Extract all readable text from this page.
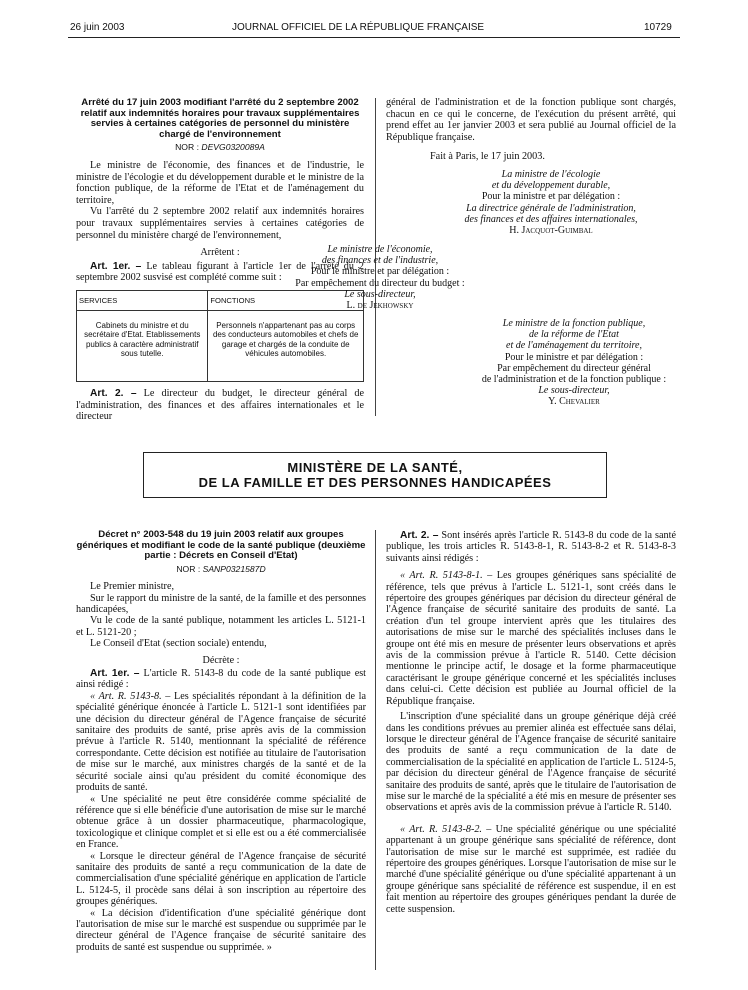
26 juin 2003	JOURNAL OFFICIEL DE LA RÉPUBLIQUE FRANÇAISE	10729
Arrêté du 17 juin 2003 modifiant l'arrêté du 2 septembre 2002 relatif aux indemnités horaires pour travaux supplémentaires servies à certaines catégories de personnel du ministère chargé de l'environnement
NOR : DEVG0320089A

Le ministre de l'économie, des finances et de l'industrie, le ministre de l'écologie et du développement durable et le ministre de la fonction publique, de la réforme de l'Etat et de l'aménagement du territoire,

Vu l'arrêté du 2 septembre 2002 relatif aux indemnités horaires pour travaux supplémentaires servies à certaines catégories de personnel du ministère chargé de l'environnement,

Arrêtent :

Art. 1er. – Le tableau figurant à l'article 1er de l'arrêté du 2 septembre 2002 susvisé est complété comme suit :

SERVICES	FONCTIONS
Cabinets du ministre et du secrétaire d'Etat. Etablissements publics à caractère administratif sous tutelle.	Personnels n'appartenant pas au corps des conducteurs automobiles et chefs de garage et chargés de la conduite de véhicules automobiles.

Art. 2. – Le directeur du budget, le directeur général de l'administration, des finances et des affaires internationales et le directeur

général de l'administration et de la fonction publique sont chargés, chacun en ce qui le concerne, de l'exécution du présent arrêté, qui prend effet au 1er janvier 2003 et sera publié au Journal officiel de la République française.

Fait à Paris, le 17 juin 2003.

La ministre de l'écologie
et du développement durable,
Pour la ministre et par délégation :
La directrice générale de l'administration,
des finances et des affaires internationales,
H. Jacquot-Guimbal
Le ministre de l'économie,
des finances et de l'industrie,
Pour le ministre et par délégation :
Par empêchement du directeur du budget :
Le sous-directeur,
L. de Jekhowsky
Le ministre de la fonction publique,
de la réforme de l'Etat
et de l'aménagement du territoire,
Pour le ministre et par délégation :
Par empêchement du directeur général
de l'administration et de la fonction publique :
Le sous-directeur,
Y. Chevalier
MINISTÈRE DE LA SANTÉ,
DE LA FAMILLE ET DES PERSONNES HANDICAPÉES
Décret n° 2003-548 du 19 juin 2003 relatif aux groupes génériques et modifiant le code de la santé publique (deuxième partie : Décrets en Conseil d'Etat)
NOR : SANP0321587D

Le Premier ministre,

Sur le rapport du ministre de la santé, de la famille et des personnes handicapées,

Vu le code de la santé publique, notamment les articles L. 5121-1 et L. 5121-20 ;

Le Conseil d'Etat (section sociale) entendu,

Décrète :

Art. 1er. – L'article R. 5143-8 du code de la santé publique est ainsi rédigé :

« Art. R. 5143-8. – Les spécialités répondant à la définition de la spécialité générique énoncée à l'article L. 5121-1 sont identifiées par une décision du directeur général de l'Agence française de sécurité sanitaire des produits de santé, prise après avis de la commission prévue à l'article R. 5140, mentionnant la spécialité de référence correspondante. Cette décision est notifiée au titulaire de l'autorisation de mise sur le marché, aux ministres chargés de la santé et de la sécurité sociale ainsi qu'au président du comité économique des produits de santé.

« Une spécialité ne peut être considérée comme spécialité de référence que si elle bénéficie d'une autorisation de mise sur le marché obtenue grâce à un dossier pharmaceutique, pharmacologique, toxicologique et clinique complet et si elle est ou a été commercialisée en France.

« Lorsque le directeur général de l'Agence française de sécurité sanitaire des produits de santé a reçu communication de la date de commercialisation d'une spécialité générique en application de l'article L. 5124-5, il procède sans délai à son inscription au répertoire des groupes génériques.

« La décision d'identification d'une spécialité générique dont l'autorisation de mise sur le marché est suspendue ou supprimée par le directeur général de l'Agence française de sécurité sanitaire des produits de santé est suspendue ou supprimée. »

Art. 2. – Sont insérés après l'article R. 5143-8 du code de la santé publique, les trois articles R. 5143-8-1, R. 5143-8-2 et R. 5143-8-3 suivants ainsi rédigés :

« Art. R. 5143-8-1. – Les groupes génériques sans spécialité de référence, tels que prévus à l'article L. 5121-1, sont créés dans le répertoire des groupes génériques par décision du directeur général de l'Agence française de sécurité sanitaire des produits de santé. La création d'un tel groupe intervient après que les titulaires des autorisations de mise sur le marché des spécialités incluses dans le groupe ont été mis en mesure de présenter leurs observations et après avis de la commission prévue à l'article R. 5140. Cette décision mentionne le principe actif, le dosage et la forme pharmaceutique caractérisant le groupe générique concerné et les spécialités incluses dans celui-ci. Cette décision est publiée au Journal officiel de la République française.

L'inscription d'une spécialité dans un groupe générique déjà créé dans les conditions prévues au premier alinéa est effectuée sans délai, lorsque le directeur général de l'Agence française de sécurité sanitaire des produits de santé a reçu communication de la date de commercialisation de la spécialité en application de l'article L. 5124-5, par décision du directeur général de l'Agence française de sécurité sanitaire des produits de santé, après que le titulaire de l'autorisation de mise sur le marché de la spécialité a été mis en mesure de présenter ses observations et après avis de la commission prévue à l'article R. 5140.

« Art. R. 5143-8-2. – Une spécialité générique ou une spécialité appartenant à un groupe générique sans spécialité de référence, dont l'autorisation de mise sur le marché est supprimée, est radiée du répertoire des groupes génériques. Lorsque l'autorisation de mise sur le marché d'une spécialité générique ou d'une spécialité appartenant à un groupe générique sans spécialité de référence est suspendue, il en est fait mention au répertoire des groupes génériques pendant la durée de cette suspension.
